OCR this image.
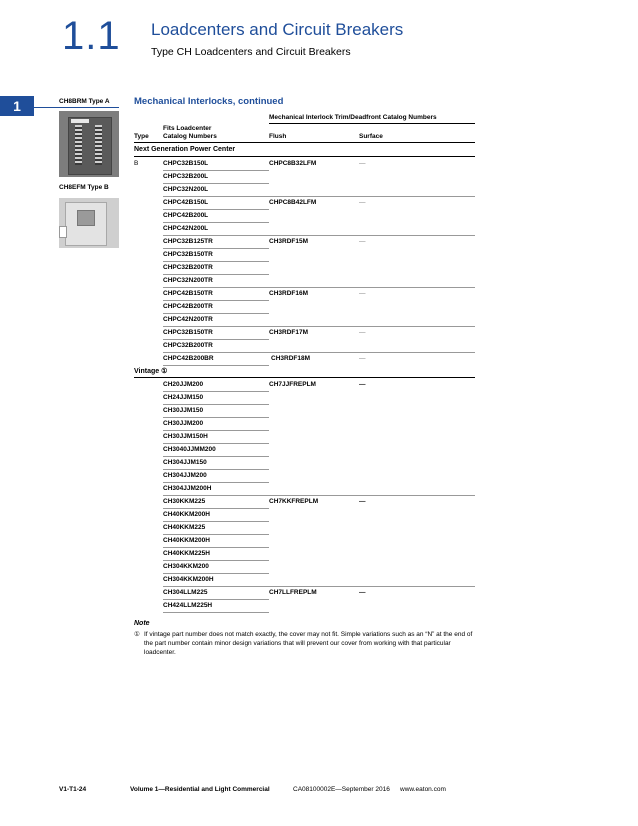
1.1 Loadcenters and Circuit Breakers
Type CH Loadcenters and Circuit Breakers
1	CH8BRM Type A
CH8EFM Type B
Mechanical Interlocks, continued
Mechanical Interlock Trim/Deadfront Catalog Numbers
Fits Loadcenter
Catalog Numbers
Type	Flush	Surface
Next Generation Power Center
B	CHPC32B150L	CHPC8B32LFM	—
CHPC32B200L
CHPC32N200L
CHPC42B150L	CHPC8B42LFM	—
CHPC42B200L
CHPC42N200L
CHPC32B125TR	CH3RDF15M	—
CHPC32B150TR
CHPC32B200TR
CHPC32N200TR
CHPC42B150TR	CH3RDF16M	—
CHPC42B200TR
CHPC42N200TR
CHPC32B150TR	CH3RDF17M	—
CHPC32B200TR
CHPC42B200BR	CH3RDF18M	—
CH20JJM200	CH7JJFREPLM	—
CH24JJM150
CH30JJM150
CH30JJM200
CH30JJM150H
CH3040JJMM200
CH304JJM150
CH304JJM200
CH304JJM200H
CH30KKM225	CH7KKFREPLM	—
CH40KKM200H
CH40KKM225
CH40KKM200H
CH40KKM225H
CH304KKM200
CH304KKM200H
CH304LLM225	CH7LLFREPLM	—
CH424LLM225H
Vintage ①
Note
① If vintage part number does not match exactly, the cover may not fit. Simple variations such as an “N” at the end of the part number contain minor design variations that will prevent our cover from working with that particular loadcenter.
V1-T1-24	Volume 1—Residential and Light Commercial	CA08100002E—September 2016 www.eaton.com
